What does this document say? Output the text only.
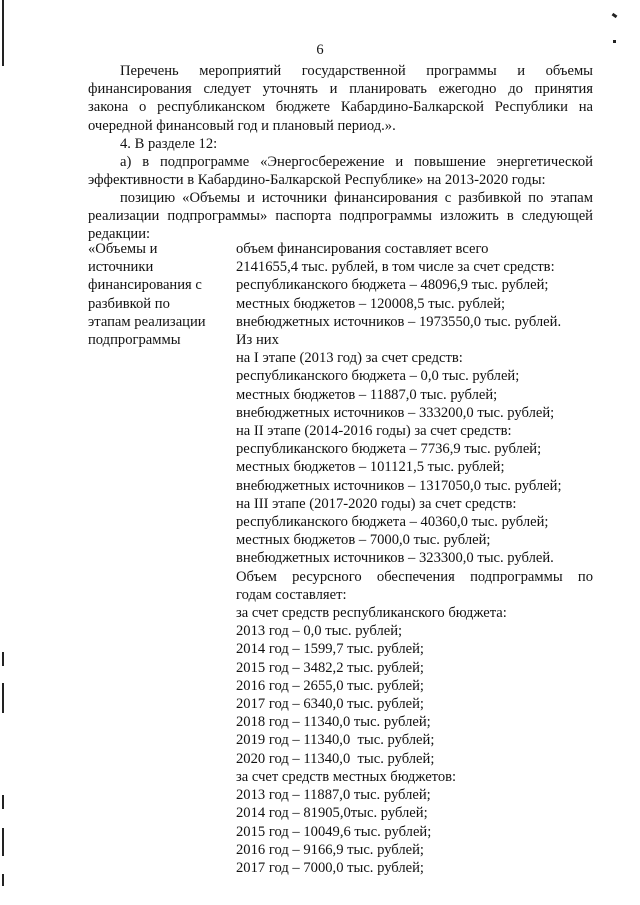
6
Перечень мероприятий государственной программы и объемы
финансирования следует уточнять и планировать ежегодно до принятия
закона о республиканском бюджете Кабардино-Балкарской Республики на
очередной финансовый год и плановый период.».
4. В разделе 12:
а) в подпрограмме «Энергосбережение и повышение энергетической
эффективности в Кабардино-Балкарской Республике» на 2013-2020 годы:
позицию «Объемы и источники финансирования с разбивкой по этапам
реализации подпрограммы» паспорта подпрограммы изложить в следующей
редакции:
«Объемы и
источники
финансирования с
разбивкой по
этапам реализации
подпрограммы
объем финансирования составляет всего
2141655,4 тыс. рублей, в том числе за счет средств:
республиканского бюджета – 48096,9 тыс. рублей;
местных бюджетов – 120008,5 тыс. рублей;
внебюджетных источников – 1973550,0 тыс. рублей.
Из них
на I этапе (2013 год) за счет средств:
республиканского бюджета – 0,0 тыс. рублей;
местных бюджетов – 11887,0 тыс. рублей;
внебюджетных источников – 333200,0 тыс. рублей;
на II этапе (2014-2016 годы) за счет средств:
республиканского бюджета – 7736,9 тыс. рублей;
местных бюджетов – 101121,5 тыс. рублей;
внебюджетных источников – 1317050,0 тыс. рублей;
на III этапе (2017-2020 годы) за счет средств:
республиканского бюджета – 40360,0 тыс. рублей;
местных бюджетов – 7000,0 тыс. рублей;
внебюджетных источников – 323300,0 тыс. рублей.
Объем ресурсного обеспечения подпрограммы по
годам составляет:
за счет средств республиканского бюджета:
2013 год – 0,0 тыс. рублей;
2014 год – 1599,7 тыс. рублей;
2015 год – 3482,2 тыс. рублей;
2016 год – 2655,0 тыс. рублей;
2017 год – 6340,0 тыс. рублей;
2018 год – 11340,0 тыс. рублей;
2019 год – 11340,0  тыс. рублей;
2020 год – 11340,0  тыс. рублей;
за счет средств местных бюджетов:
2013 год – 11887,0 тыс. рублей;
2014 год – 81905,0тыс. рублей;
2015 год – 10049,6 тыс. рублей;
2016 год – 9166,9 тыс. рублей;
2017 год – 7000,0 тыс. рублей;
